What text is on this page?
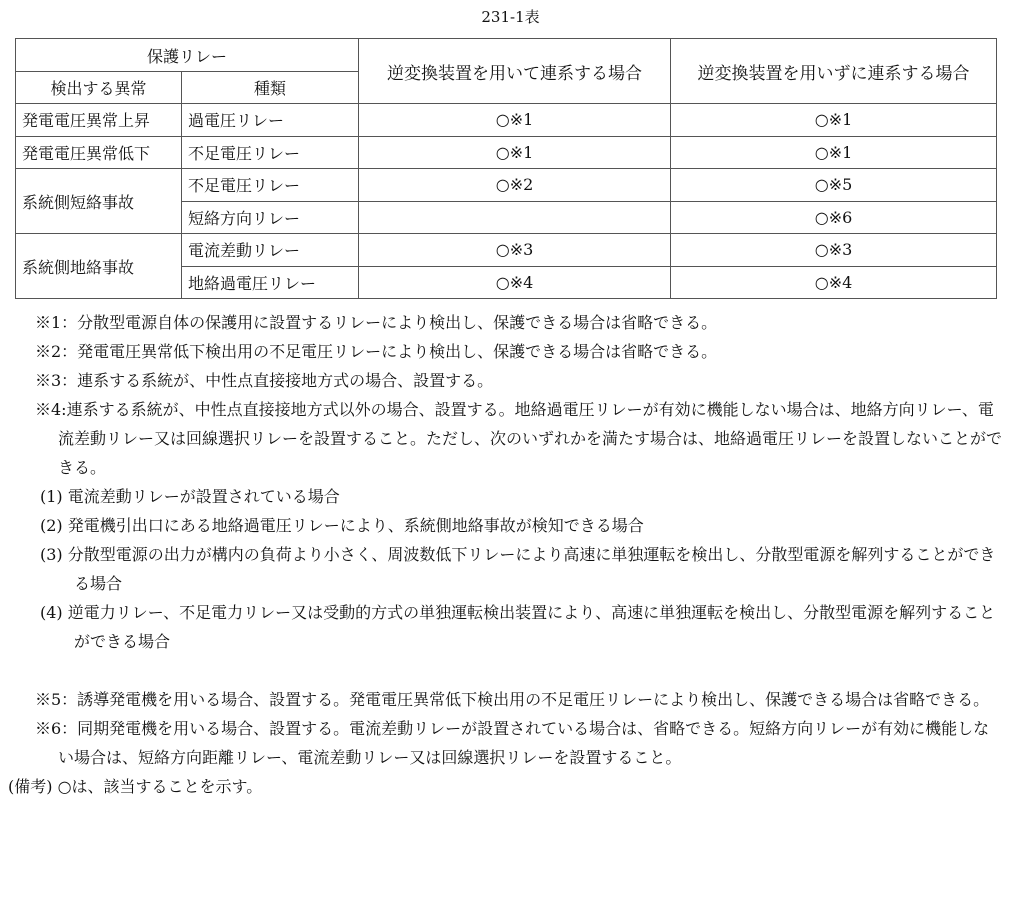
231-1表
保護リレー		逆変換装置を用いて連系する場合	逆変換装置を用いずに連系する場合
検出する異常	種類		
発電電圧異常上昇	過電圧リレー	○※1	○※1
発電電圧異常低下	不足電圧リレー	○※1	○※1
系統側短絡事故	不足電圧リレー	○※2	○※5
	短絡方向リレー		○※6
系統側地絡事故	電流差動リレー	○※3	○※3
	地絡過電圧リレー	○※4	○※4
※1：分散型電源自体の保護用に設置するリレーにより検出し、保護できる場合は省略できる。
※2：発電電圧異常低下検出用の不足電圧リレーにより検出し、保護できる場合は省略できる。
※3：連系する系統が、中性点直接接地方式の場合、設置する。
※4:連系する系統が、中性点直接接地方式以外の場合、設置する。地絡過電圧リレーが有効に機能しない場合は、地絡方向リレー、電流差動リレー又は回線選択リレーを設置すること。ただし、次のいずれかを満たす場合は、地絡過電圧リレーを設置しないことができる。
(1) 電流差動リレーが設置されている場合
(2) 発電機引出口にある地絡過電圧リレーにより、系統側地絡事故が検知できる場合
(3) 分散型電源の出力が構内の負荷より小さく、周波数低下リレーにより高速に単独運転を検出し、分散型電源を解列することができる場合
(4) 逆電力リレー、不足電力リレー又は受動的方式の単独運転検出装置により、高速に単独運転を検出し、分散型電源を解列することができる場合
※5：誘導発電機を用いる場合、設置する。発電電圧異常低下検出用の不足電圧リレーにより検出し、保護できる場合は省略できる。
※6：同期発電機を用いる場合、設置する。電流差動リレーが設置されている場合は、省略できる。短絡方向リレーが有効に機能しない場合は、短絡方向距離リレー、電流差動リレー又は回線選択リレーを設置すること。
(備考) ○は、該当することを示す。
